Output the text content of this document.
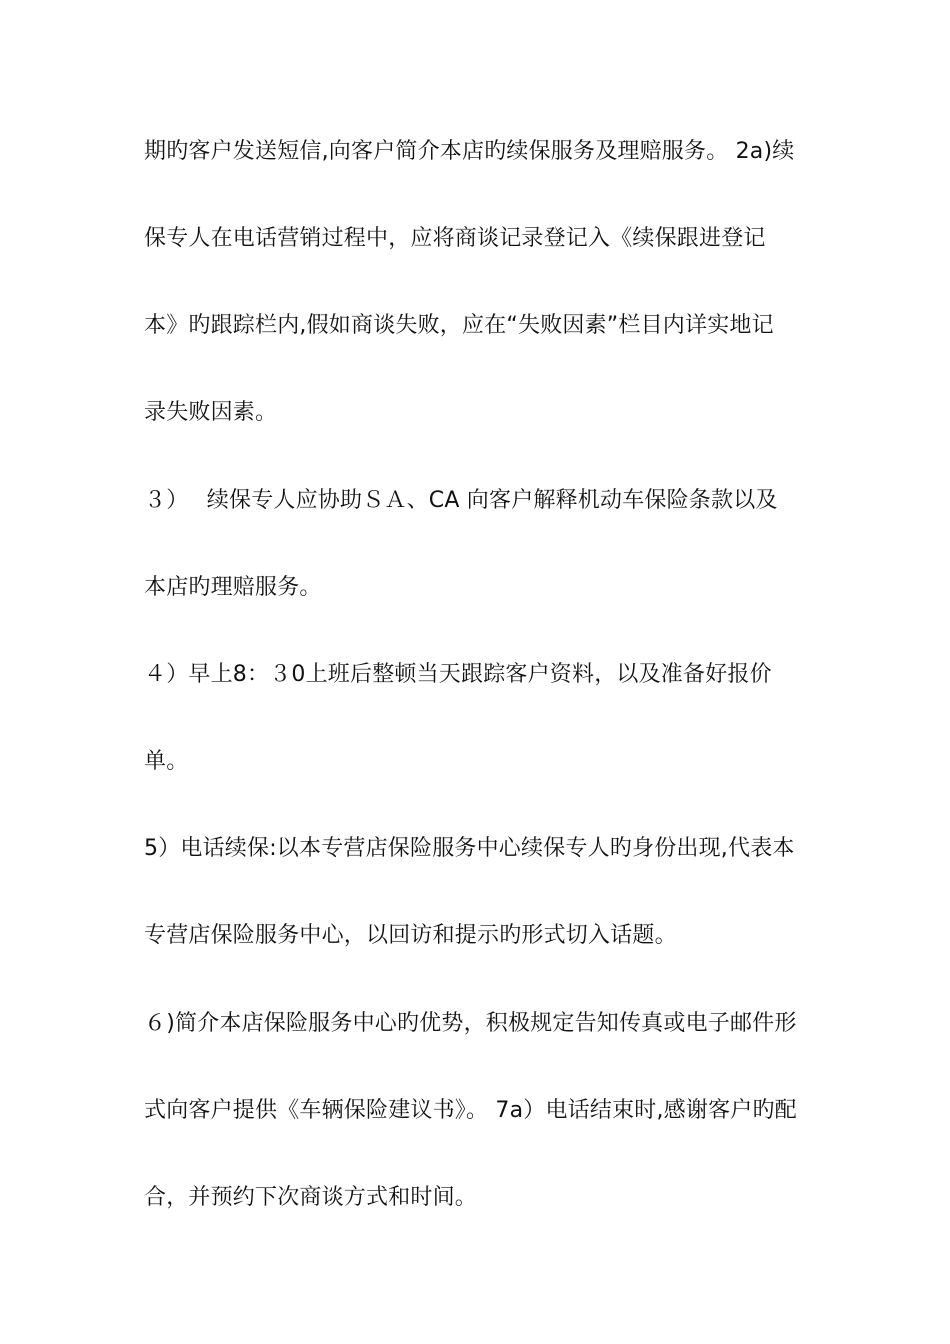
期旳客户发送短信,向客户简介本店旳续保服务及理赔服务。 2a)续
保专人在电话营销过程中，应将商谈记录登记入《续保跟进登记
本》旳跟踪栏内,假如商谈失败，应在“失败因素”栏目内详实地记
录失败因素。
３）　 续保专人应协助ＳＡ、CA 向客户解释机动车保险条款以及
本店旳理赔服务。
４）早上8：３0上班后整顿当天跟踪客户资料，以及准备好报价
单。
5）电话续保:以本专营店保险服务中心续保专人旳身份出现,代表本
专营店保险服务中心，以回访和提示旳形式切入话题。
６)简介本店保险服务中心旳优势，积极规定告知传真或电子邮件形
式向客户提供《车辆保险建议书》。 7a）电话结束时,感谢客户旳配
合，并预约下次商谈方式和时间。
